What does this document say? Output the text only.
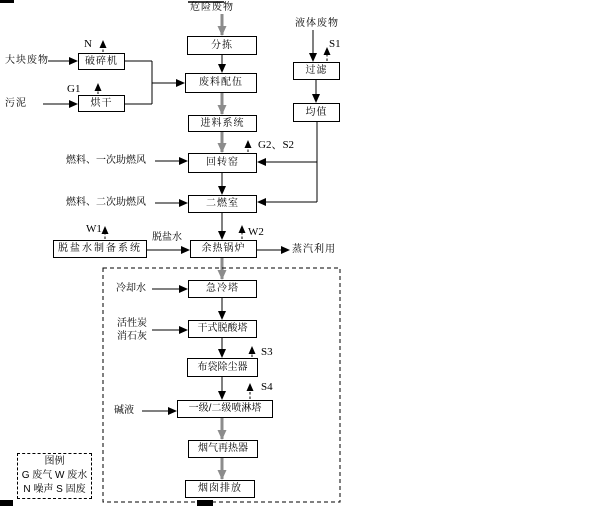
危险废物
液体废物
大块废物
污泥
破碎机
烘干
分拣
废料配伍
进料系统
过滤
均值
回转窑
二燃室
余热锅炉
脱盐水制备系统
急冷塔
干式脱酸塔
布袋除尘器
一级/二级喷淋塔
烟气再热器
烟囱排放
燃料、一次助燃风
燃料、二次助燃风
脱盐水
蒸汽利用
冷却水
活性炭
消石灰
碱液
N
G1
S1
G2、S2
W1	W2
S3
S4
图例
G 废气 W 废水
N 噪声 S 固废
